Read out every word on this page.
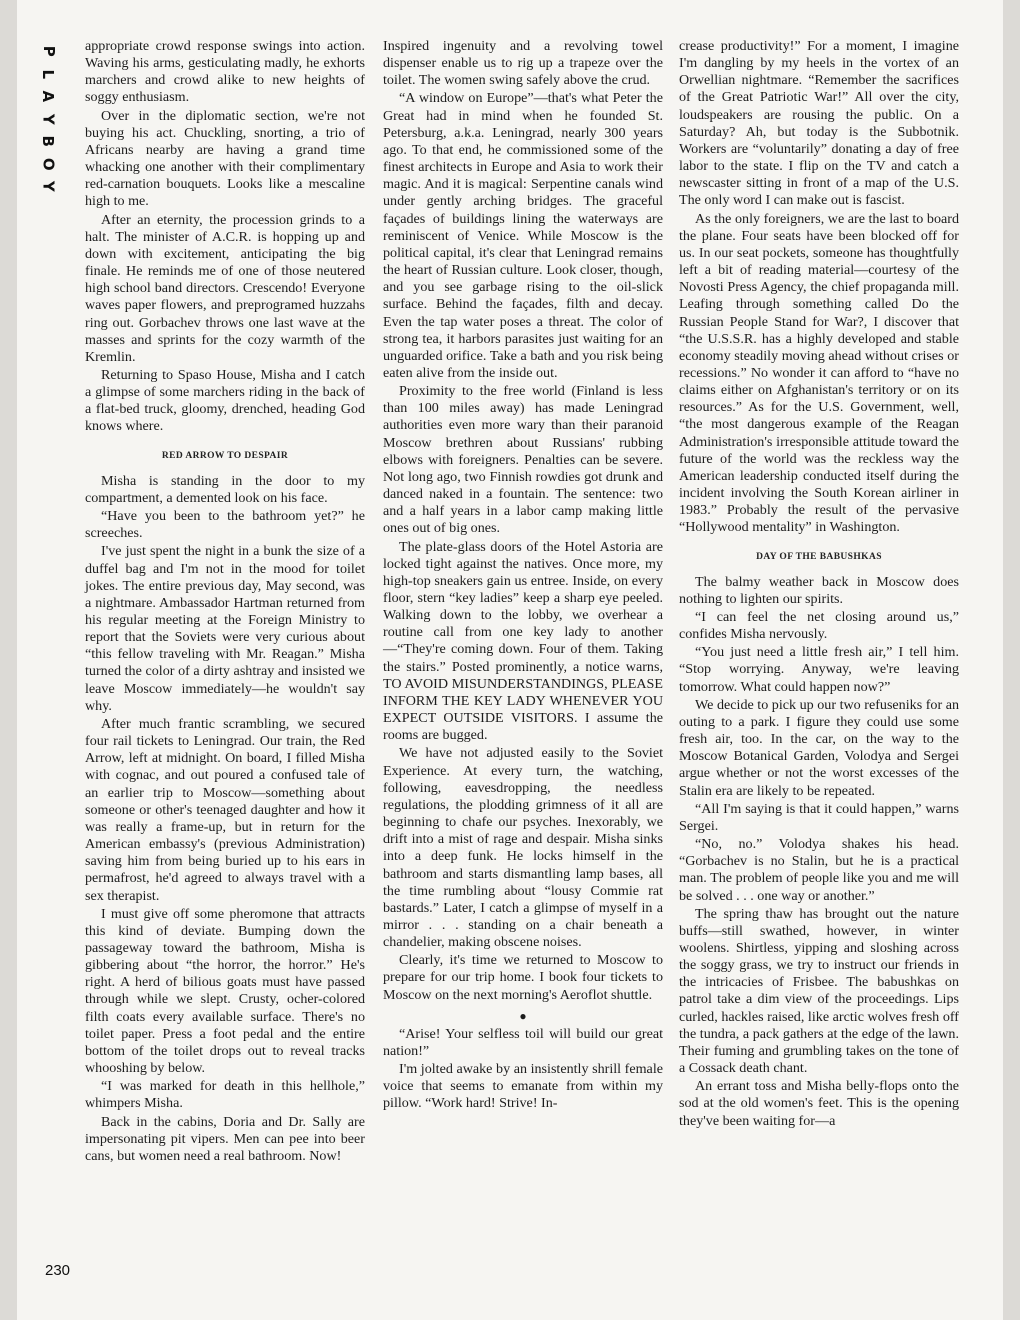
P
L
A
Y
B
O
Y

appropriate crowd response swings into action. Waving his arms, gesticulating madly, he exhorts marchers and crowd alike to new heights of soggy enthusiasm.

Over in the diplomatic section, we're not buying his act. Chuckling, snorting, a trio of Africans nearby are having a grand time whacking one another with their complimentary red-carnation bouquets. Looks like a mescaline high to me.

After an eternity, the procession grinds to a halt. The minister of A.C.R. is hopping up and down with excitement, anticipating the big finale. He reminds me of one of those neutered high school band directors. Crescendo! Everyone waves paper flowers, and preprogramed huzzahs ring out. Gorbachev throws one last wave at the masses and sprints for the cozy warmth of the Kremlin.

Returning to Spaso House, Misha and I catch a glimpse of some marchers riding in the back of a flat-bed truck, gloomy, drenched, heading God knows where.

RED ARROW TO DESPAIR

Misha is standing in the door to my compartment, a demented look on his face.

“Have you been to the bathroom yet?” he screeches.

I've just spent the night in a bunk the size of a duffel bag and I'm not in the mood for toilet jokes. The entire previous day, May second, was a nightmare. Ambassador Hartman returned from his regular meeting at the Foreign Ministry to report that the Soviets were very curious about “this fellow traveling with Mr. Reagan.” Misha turned the color of a dirty ashtray and insisted we leave Moscow immediately—he wouldn't say why.

After much frantic scrambling, we secured four rail tickets to Leningrad. Our train, the Red Arrow, left at midnight. On board, I filled Misha with cognac, and out poured a confused tale of an earlier trip to Moscow—something about someone or other's teenaged daughter and how it was really a frame-up, but in return for the American embassy's (previous Administration) saving him from being buried up to his ears in permafrost, he'd agreed to always travel with a sex therapist.

I must give off some pheromone that attracts this kind of deviate. Bumping down the passageway toward the bathroom, Misha is gibbering about “the horror, the horror.” He's right. A herd of bilious goats must have passed through while we slept. Crusty, ocher-colored filth coats every available surface. There's no toilet paper. Press a foot pedal and the entire bottom of the toilet drops out to reveal tracks whooshing by below.

“I was marked for death in this hellhole,” whimpers Misha.

Back in the cabins, Doria and Dr. Sally are impersonating pit vipers. Men can pee into beer cans, but women need a real bathroom. Now!

Inspired ingenuity and a revolving towel dispenser enable us to rig up a trapeze over the toilet. The women swing safely above the crud.

“A window on Europe”—that's what Peter the Great had in mind when he founded St. Petersburg, a.k.a. Leningrad, nearly 300 years ago. To that end, he commissioned some of the finest architects in Europe and Asia to work their magic. And it is magical: Serpentine canals wind under gently arching bridges. The graceful façades of buildings lining the waterways are reminiscent of Venice. While Moscow is the political capital, it's clear that Leningrad remains the heart of Russian culture. Look closer, though, and you see garbage rising to the oil-slick surface. Behind the façades, filth and decay. Even the tap water poses a threat. The color of strong tea, it harbors parasites just waiting for an unguarded orifice. Take a bath and you risk being eaten alive from the inside out.

Proximity to the free world (Finland is less than 100 miles away) has made Leningrad authorities even more wary than their paranoid Moscow brethren about Russians' rubbing elbows with foreigners. Penalties can be severe. Not long ago, two Finnish rowdies got drunk and danced naked in a fountain. The sentence: two and a half years in a labor camp making little ones out of big ones.

The plate-glass doors of the Hotel Astoria are locked tight against the natives. Once more, my high-top sneakers gain us entree. Inside, on every floor, stern “key ladies” keep a sharp eye peeled. Walking down to the lobby, we overhear a routine call from one key lady to another—“They're coming down. Four of them. Taking the stairs.” Posted prominently, a notice warns, TO AVOID MISUNDERSTANDINGS, PLEASE INFORM THE KEY LADY WHENEVER YOU EXPECT OUTSIDE VISITORS. I assume the rooms are bugged.

We have not adjusted easily to the Soviet Experience. At every turn, the watching, following, eavesdropping, the needless regulations, the plodding grimness of it all are beginning to chafe our psyches. Inexorably, we drift into a mist of rage and despair. Misha sinks into a deep funk. He locks himself in the bathroom and starts dismantling lamp bases, all the time rumbling about “lousy Commie rat bastards.” Later, I catch a glimpse of myself in a mirror . . . standing on a chair beneath a chandelier, making obscene noises.

Clearly, it's time we returned to Moscow to prepare for our trip home. I book four tickets to Moscow on the next morning's Aeroflot shuttle.

●

“Arise! Your selfless toil will build our great nation!”

I'm jolted awake by an insistently shrill female voice that seems to emanate from within my pillow. “Work hard! Strive! In-

crease productivity!” For a moment, I imagine I'm dangling by my heels in the vortex of an Orwellian nightmare. “Remember the sacrifices of the Great Patriotic War!” All over the city, loudspeakers are rousing the public. On a Saturday? Ah, but today is the Subbotnik. Workers are “voluntarily” donating a day of free labor to the state. I flip on the TV and catch a newscaster sitting in front of a map of the U.S. The only word I can make out is fascist.

As the only foreigners, we are the last to board the plane. Four seats have been blocked off for us. In our seat pockets, someone has thoughtfully left a bit of reading material—courtesy of the Novosti Press Agency, the chief propaganda mill. Leafing through something called Do the Russian People Stand for War?, I discover that “the U.S.S.R. has a highly developed and stable economy steadily moving ahead without crises or recessions.” No wonder it can afford to “have no claims either on Afghanistan's territory or on its resources.” As for the U.S. Government, well, “the most dangerous example of the Reagan Administration's irresponsible attitude toward the future of the world was the reckless way the American leadership conducted itself during the incident involving the South Korean airliner in 1983.” Probably the result of the pervasive “Hollywood mentality” in Washington.

DAY OF THE BABUSHKAS

The balmy weather back in Moscow does nothing to lighten our spirits.

“I can feel the net closing around us,” confides Misha nervously.

“You just need a little fresh air,” I tell him. “Stop worrying. Anyway, we're leaving tomorrow. What could happen now?”

We decide to pick up our two refuseniks for an outing to a park. I figure they could use some fresh air, too. In the car, on the way to the Moscow Botanical Garden, Volodya and Sergei argue whether or not the worst excesses of the Stalin era are likely to be repeated.

“All I'm saying is that it could happen,” warns Sergei.

“No, no.” Volodya shakes his head. “Gorbachev is no Stalin, but he is a practical man. The problem of people like you and me will be solved . . . one way or another.”

The spring thaw has brought out the nature buffs—still swathed, however, in winter woolens. Shirtless, yipping and sloshing across the soggy grass, we try to instruct our friends in the intricacies of Frisbee. The babushkas on patrol take a dim view of the proceedings. Lips curled, hackles raised, like arctic wolves fresh off the tundra, a pack gathers at the edge of the lawn. Their fuming and grumbling takes on the tone of a Cossack death chant.

An errant toss and Misha belly-flops onto the sod at the old women's feet. This is the opening they've been waiting for—a

230
